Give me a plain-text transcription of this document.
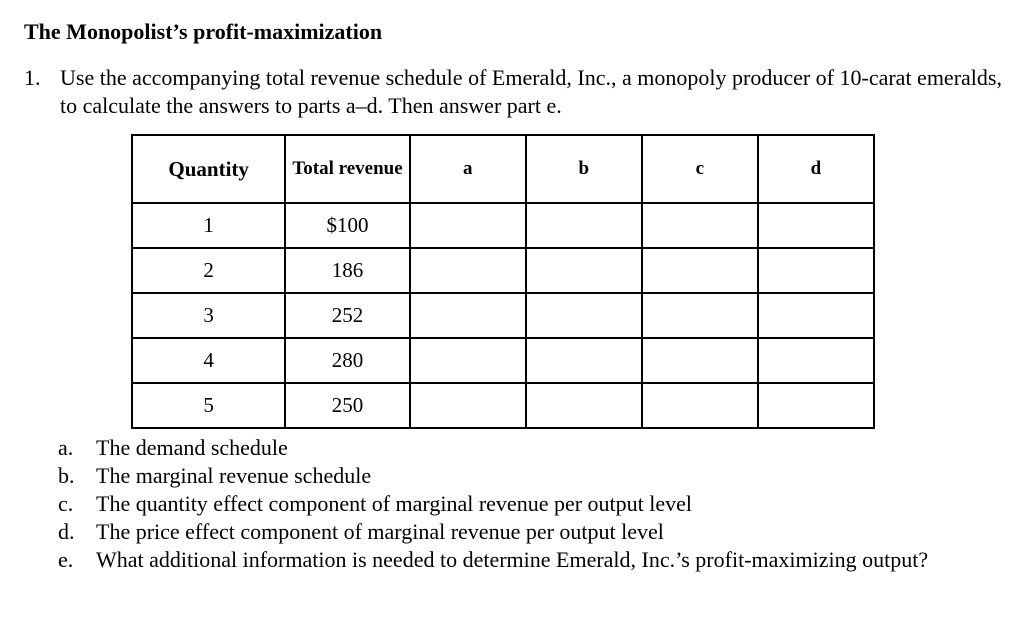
The Monopolist’s profit-maximization
1. Use the accompanying total revenue schedule of Emerald, Inc., a monopoly producer of 10-carat emeralds, to calculate the answers to parts a–d. Then answer part e.
Quantity	Total revenue	a	b	c	d
1	$100				
2	186				
3	252				
4	280				
5	250				
a. The demand schedule
b. The marginal revenue schedule
c. The quantity effect component of marginal revenue per output level
d. The price effect component of marginal revenue per output level
e. What additional information is needed to determine Emerald, Inc.’s profit-maximizing output?
